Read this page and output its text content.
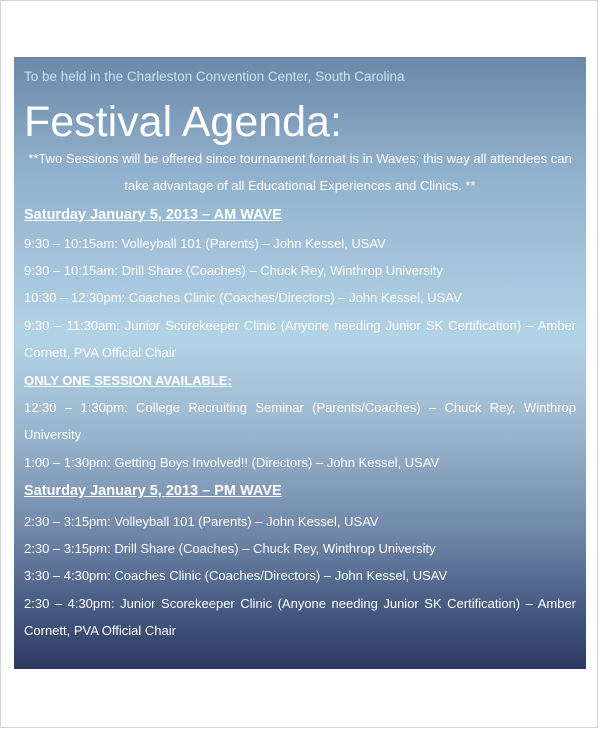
To be held in the Charleston Convention Center, South Carolina
Festival Agenda:
**Two Sessions will be offered since tournament format is in Waves; this way all attendees can take advantage of all Educational Experiences and Clinics. **
Saturday January 5, 2013 – AM WAVE
9:30 – 10:15am: Volleyball 101 (Parents) – John Kessel, USAV
9:30 – 10:15am: Drill Share (Coaches) – Chuck Rey, Winthrop University
10:30 – 12:30pm: Coaches Clinic (Coaches/Directors) – John Kessel, USAV
9:30 – 11:30am: Junior Scorekeeper Clinic (Anyone needing Junior SK Certification) – Amber Cornett, PVA Official Chair
ONLY ONE SESSION AVAILABLE:
12:30 – 1:30pm: College Recruiting Seminar (Parents/Coaches) – Chuck Rey, Winthrop University
1:00 – 1:30pm: Getting Boys Involved!! (Directors) – John Kessel, USAV
Saturday January 5, 2013 – PM WAVE
2:30 – 3:15pm: Volleyball 101 (Parents) – John Kessel, USAV
2:30 – 3:15pm: Drill Share (Coaches) – Chuck Rey, Winthrop University
3:30 – 4:30pm: Coaches Clinic (Coaches/Directors) – John Kessel, USAV
2:30 – 4:30pm: Junior Scorekeeper Clinic (Anyone needing Junior SK Certification) – Amber Cornett, PVA Official Chair
